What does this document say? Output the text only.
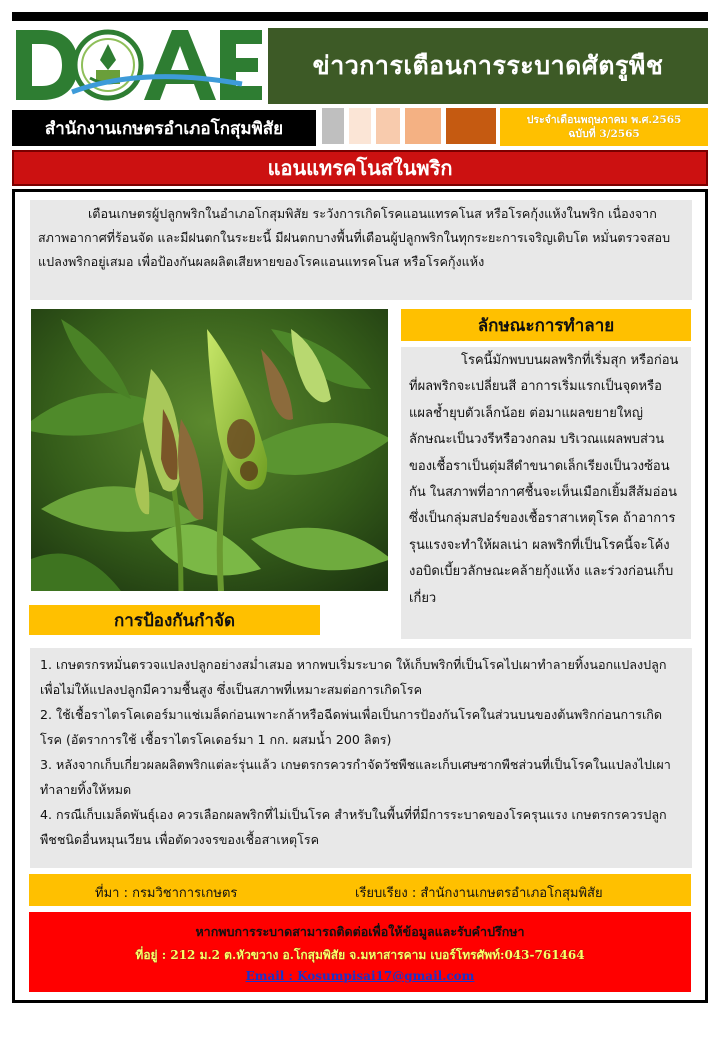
ข่าวการเตือนการระบาดศัตรูพืช
สำนักงานเกษตรอำเภอโกสุมพิสัย	ประจำเดือนพฤษภาคม พ.ศ.2565
ฉบับที่ 3/2565
แอนแทรคโนสในพริก

เตือนเกษตรผู้ปลูกพริกในอำเภอโกสุมพิสัย ระวังการเกิดโรคแอนแทรคโนส หรือโรคกุ้งแห้งในพริก เนื่องจากสภาพอากาศที่ร้อนจัด และมีฝนตกในระยะนี้ มีฝนตกบางพื้นที่เตือนผู้ปลูกพริกในทุกระยะการเจริญเติบโต หมั่นตรวจสอบแปลงพริกอยู่เสมอ เพื่อป้องกันผลผลิตเสียหายของโรคแอนแทรคโนส หรือโรคกุ้งแห้ง

ลักษณะการทำลาย

โรคนี้มักพบบนผลพริกที่เริ่มสุก หรือก่อนที่ผลพริกจะเปลี่ยนสี อาการเริ่มแรกเป็นจุดหรือแผลช้ำยุบตัวเล็กน้อย ต่อมาแผลขยายใหญ่ลักษณะเป็นวงรีหรือวงกลม บริเวณแผลพบส่วนของเชื้อราเป็นตุ่มสีดำขนาดเล็กเรียงเป็นวงซ้อนกัน ในสภาพที่อากาศชื้นจะเห็นเมือกเยิ้มสีส้มอ่อน ซึ่งเป็นกลุ่มสปอร์ของเชื้อราสาเหตุโรค ถ้าอาการรุนแรงจะทำให้ผลเน่า ผลพริกที่เป็นโรคนี้จะโค้งงอบิดเบี้ยวลักษณะคล้ายกุ้งแห้ง และร่วงก่อนเก็บเกี่ยว

การป้องกันกำจัด

1. เกษตรกรหมั่นตรวจแปลงปลูกอย่างสม่ำเสมอ หากพบเริ่มระบาด ให้เก็บพริกที่เป็นโรคไปเผาทำลายทิ้งนอกแปลงปลูก เพื่อไม่ให้แปลงปลูกมีความชื้นสูง ซึ่งเป็นสภาพที่เหมาะสมต่อการเกิดโรค

2. ใช้เชื้อราไตรโคเดอร์มาแช่เมล็ดก่อนเพาะกล้าหรือฉีดพ่นเพื่อเป็นการป้องกันโรคในส่วนบนของต้นพริกก่อนการเกิดโรค (อัตราการใช้ เชื้อราไตรโคเดอร์มา 1 กก. ผสมน้ำ 200 ลิตร)

3. หลังจากเก็บเกี่ยวผลผลิตพริกแต่ละรุ่นแล้ว เกษตรกรควรกำจัดวัชพืชและเก็บเศษซากพืชส่วนที่เป็นโรคในแปลงไปเผาทำลายทิ้งให้หมด

4. กรณีเก็บเมล็ดพันธุ์เอง ควรเลือกผลพริกที่ไม่เป็นโรค สำหรับในพื้นที่ที่มีการระบาดของโรครุนแรง เกษตรกรควรปลูกพืชชนิดอื่นหมุนเวียน เพื่อตัดวงจรของเชื้อสาเหตุโรค

ที่มา : กรมวิชาการเกษตร	เรียบเรียง : สำนักงานเกษตรอำเภอโกสุมพิสัย
หากพบการระบาดสามารถติดต่อเพื่อให้ข้อมูลและรับคำปรึกษา
ที่อยู่ : 212 ม.2 ต.หัวขวาง อ.โกสุมพิสัย จ.มหาสารคาม เบอร์โทรศัพท์:043-761464
Email : Kosumpisai17@gmail.com
